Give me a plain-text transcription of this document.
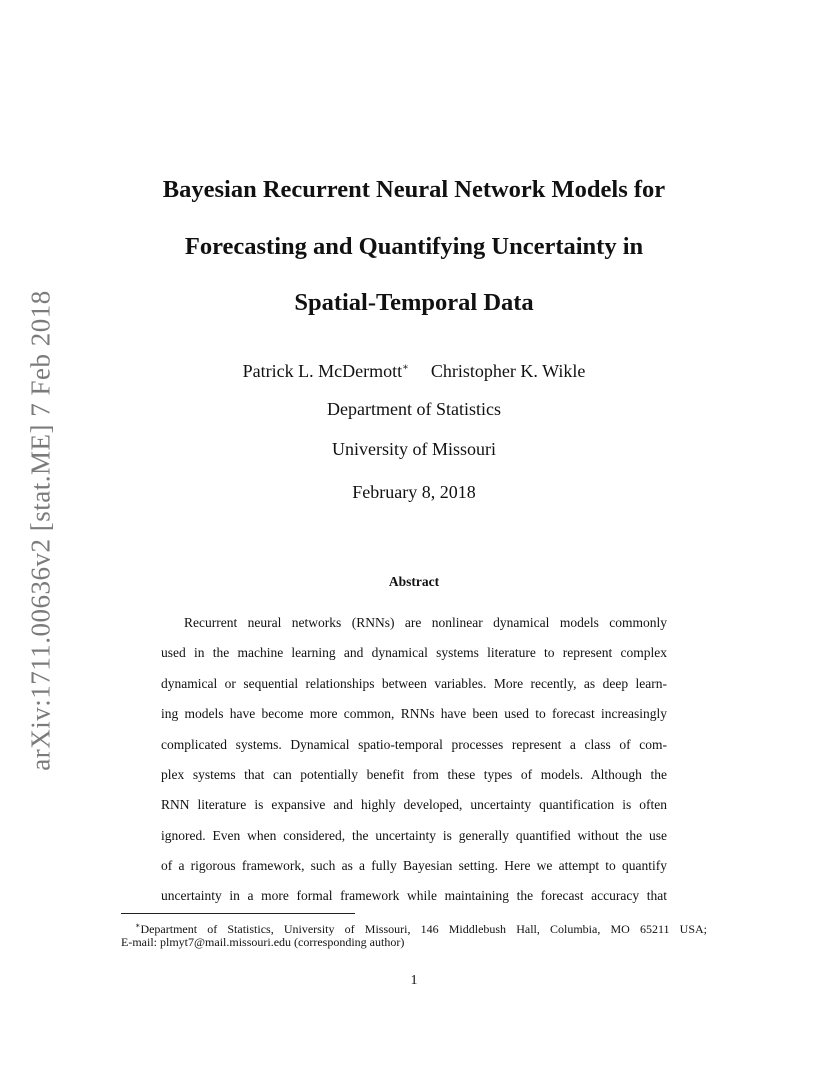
arXiv:1711.00636v2 [stat.ME] 7 Feb 2018
Bayesian Recurrent Neural Network Models for
Forecasting and Quantifying Uncertainty in
Spatial-Temporal Data
Patrick L. McDermott∗ Christopher K. Wikle
Department of Statistics
University of Missouri
February 8, 2018
Abstract
Recurrent neural networks (RNNs) are nonlinear dynamical models commonly
used in the machine learning and dynamical systems literature to represent complex
dynamical or sequential relationships between variables. More recently, as deep learn-
ing models have become more common, RNNs have been used to forecast increasingly
complicated systems. Dynamical spatio-temporal processes represent a class of com-
plex systems that can potentially benefit from these types of models. Although the
RNN literature is expansive and highly developed, uncertainty quantification is often
ignored. Even when considered, the uncertainty is generally quantified without the use
of a rigorous framework, such as a fully Bayesian setting. Here we attempt to quantify
uncertainty in a more formal framework while maintaining the forecast accuracy that
∗Department of Statistics, University of Missouri, 146 Middlebush Hall, Columbia, MO 65211 USA;
E-mail: plmyt7@mail.missouri.edu (corresponding author)
1
